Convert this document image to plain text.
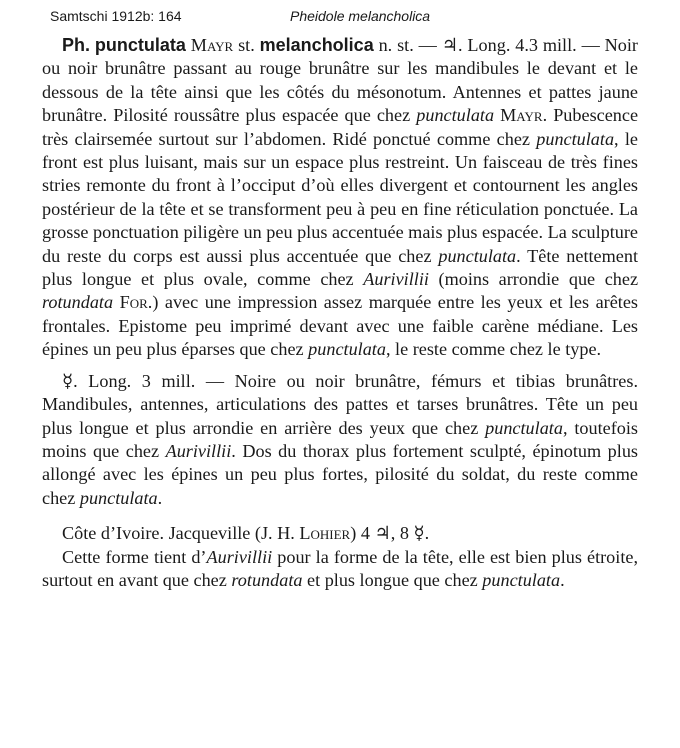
Samtschi 1912b: 164	Pheidole melancholica

Ph. punctulata Mayr st. melancholica n. st. — ♃. Long. 4.3 mill. — Noir ou noir brunâtre passant au rouge brunâtre sur les mandibules le devant et le dessous de la tête ainsi que les côtés du mésonotum. Antennes et pattes jaune brunâtre. Pilosité roussâtre plus espacée que chez punctulata Mayr. Pubescence très clairsemée surtout sur l’abdomen. Ridé ponctué comme chez punctulata, le front est plus luisant, mais sur un espace plus restreint. Un faisceau de très fines stries remonte du front à l’occiput d’où elles divergent et contournent les angles postérieur de la tête et se transforment peu à peu en fine réticulation ponctuée. La grosse ponctuation piligère un peu plus accentuée mais plus espacée. La sculpture du reste du corps est aussi plus accentuée que chez punctulata. Tête nettement plus longue et plus ovale, comme chez Aurivillii (moins arrondie que chez rotundata For.) avec une impression assez marquée entre les yeux et les arêtes frontales. Epistome peu imprimé devant avec une faible carène médiane. Les épines un peu plus éparses que chez punctulata, le reste comme chez le type.

☿. Long. 3 mill. — Noire ou noir brunâtre, fémurs et tibias brunâtres. Mandibules, antennes, articulations des pattes et tarses brunâtres. Tête un peu plus longue et plus arrondie en arrière des yeux que chez punctulata, toutefois moins que chez Aurivillii. Dos du thorax plus fortement sculpté, épinotum plus allongé avec les épines un peu plus fortes, pilosité du soldat, du reste comme chez punctulata.

Côte d’Ivoire. Jacqueville (J. H. Lohier) 4 ♃, 8 ☿.

Cette forme tient d’Aurivillii pour la forme de la tête, elle est bien plus étroite, surtout en avant que chez rotundata et plus longue que chez punctulata.
